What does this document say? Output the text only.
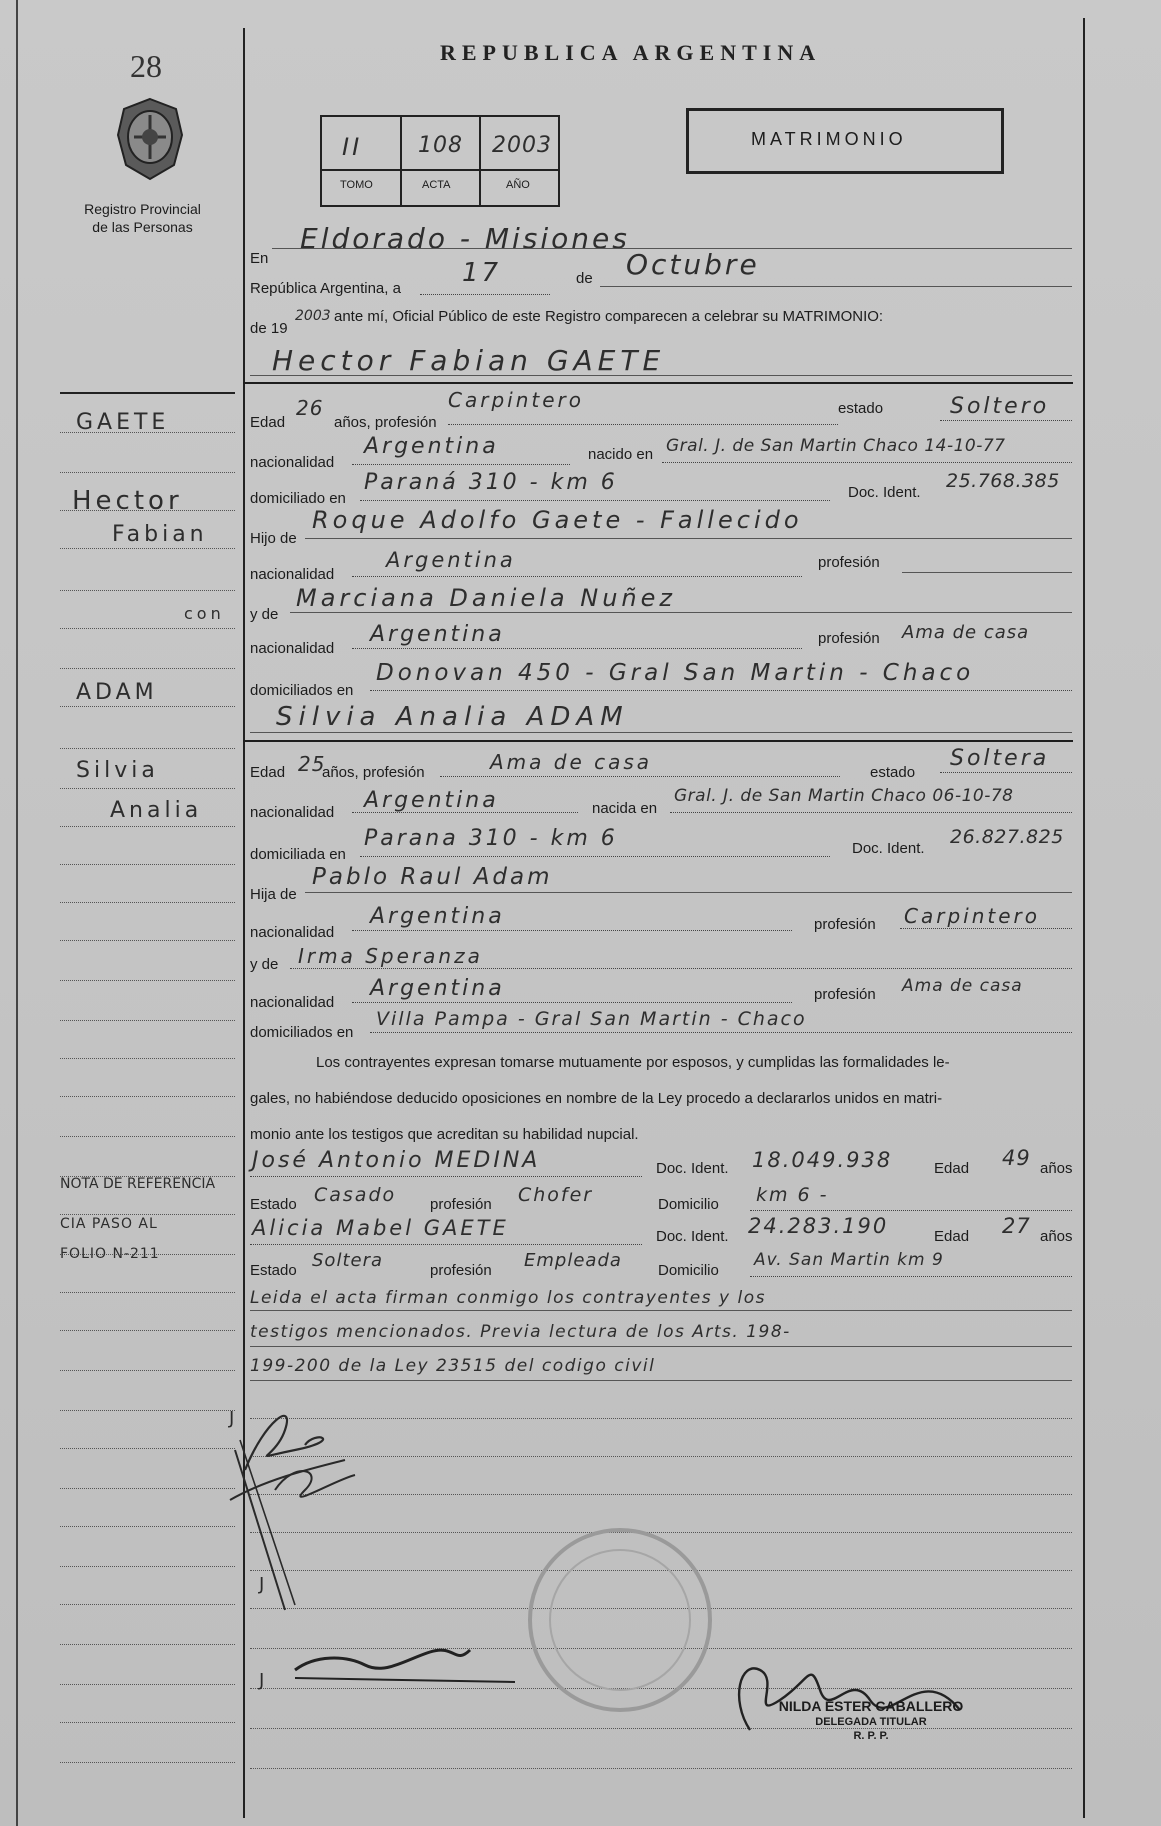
28
Registro Provincial de las Personas
REPUBLICA ARGENTINA
II	108 2003
TOMO	ACTA	AÑO
MATRIMONIO
En
Eldorado - Misiones
República Argentina, a
17	de Octubre
de 19
2003 ante mí, Oficial Público de este Registro comparecen a celebrar su MATRIMONIO:
Hector Fabian GAETE
GAETE
Hector
Fabian
con
ADAM
Silvia
Analia
Edad
26
años, profesión
Carpintero	estado	Soltero
nacionalidad
Argentina	nacido en Gral. J. de San Martin Chaco 14-10-77
domiciliado en
Paraná 310 - km 6	Doc. Ident.
25.768.385
Hijo de
Roque Adolfo Gaete - Fallecido
nacionalidad
Argentina	profesión
y de
Marciana Daniela Nuñez
nacionalidad
Argentina	profesión Ama de casa
domiciliados en
Donovan 450 - Gral San Martin - Chaco
Silvia Analia ADAM
Edad 25
años, profesión	Ama de casa	estado
Soltera
nacionalidad Argentina	nacida en
Gral. J. de San Martin Chaco 06-10-78
domiciliada en
Parana 310 - km 6	Doc. Ident.
26.827.825
Hija de
Pablo Raul Adam
nacionalidad
Argentina	profesión Carpintero
y de Irma Speranza
nacionalidad
Argentina	profesión Ama de casa
domiciliados en
Villa Pampa - Gral San Martin - Chaco
Los contrayentes expresan tomarse mutuamente por esposos, y cumplidas las formalidades le-
gales, no habiéndose deducido oposiciones en nombre de la Ley procedo a declararlos unidos en matri-
monio ante los testigos que acreditan su habilidad nupcial.
José Antonio MEDINA	Doc. Ident. 18.049.938	Edad 49 años
Estado Casado profesión Chofer	Domicilio km 6 -
Alicia Mabel GAETE	Doc. Ident. 24.283.190	Edad 27 años
Estado Soltera	profesión Empleada Domicilio
Av. San Martin km 9
Leida el acta firman conmigo los contrayentes y los
testigos mencionados. Previa lectura de los Arts. 198-
199-200 de la Ley 23515 del codigo civil
NOTA DE REFERENCIA
CIA PASO AL
FOLIO N-211
J
J
J
NILDA ESTER CABALLERO
DELEGADA TITULAR
R. P. P.
